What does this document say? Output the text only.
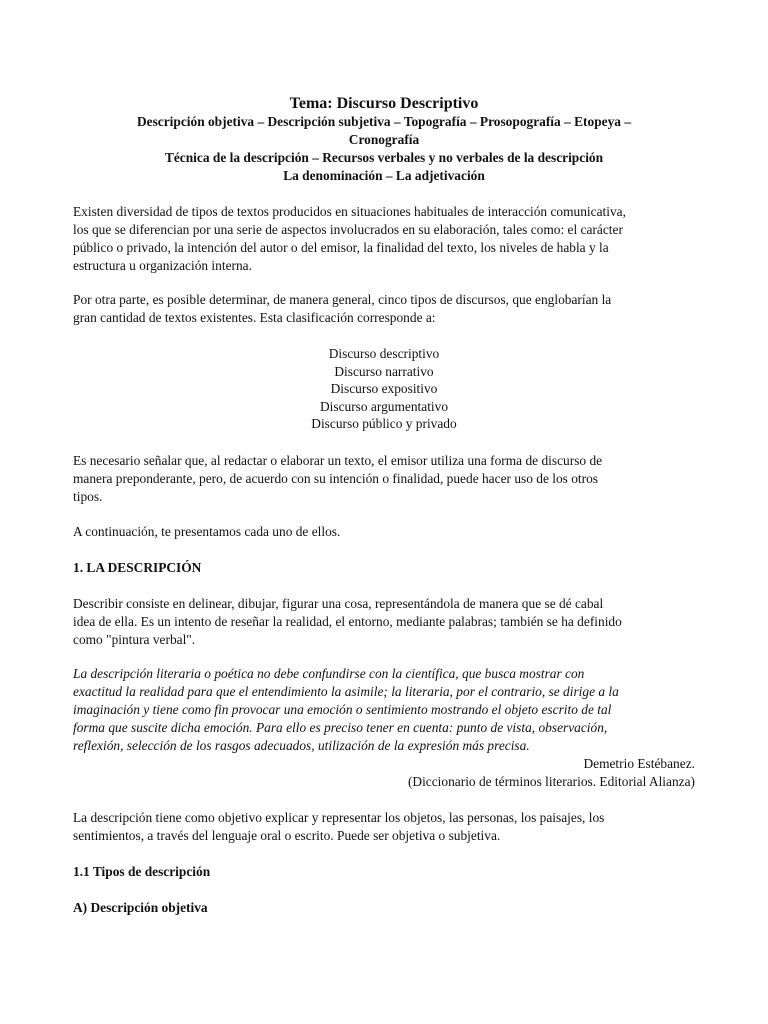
Tema: Discurso Descriptivo
Descripción objetiva – Descripción subjetiva – Topografía – Prosopografía – Etopeya –
Cronografía
Técnica de la descripción – Recursos verbales y no verbales de la descripción
La denominación – La adjetivación
Existen diversidad de tipos de textos producidos en situaciones habituales de interacción comunicativa,
los que se diferencian por una serie de aspectos involucrados en su elaboración, tales como: el carácter
público o privado, la intención del autor o del emisor, la finalidad del texto, los niveles de habla y la
estructura u organización interna.
Por otra parte, es posible determinar, de manera general, cinco tipos de discursos, que englobarían la
gran cantidad de textos existentes. Esta clasificación corresponde a:
Discurso descriptivo
Discurso narrativo
Discurso expositivo
Discurso argumentativo
Discurso público y privado
Es necesario señalar que, al redactar o elaborar un texto, el emisor utiliza una forma de discurso de
manera preponderante, pero, de acuerdo con su intención o finalidad, puede hacer uso de los otros
tipos.
A continuación, te presentamos cada uno de ellos.
1. LA DESCRIPCIÓN
Describir consiste en delinear, dibujar, figurar una cosa, representándola de manera que se dé cabal
idea de ella. Es un intento de reseñar la realidad, el entorno, mediante palabras; también se ha definido
como "pintura verbal".
La descripción literaria o poética no debe confundirse con la científica, que busca mostrar con
exactitud la realidad para que el entendimiento la asimile; la literaria, por el contrario, se dirige a la
imaginación y tiene como fin provocar una emoción o sentimiento mostrando el objeto escrito de tal
forma que suscite dicha emoción. Para ello es preciso tener en cuenta: punto de vista, observación,
reflexión, selección de los rasgos adecuados, utilización de la expresión más precisa.
Demetrio Estébanez.
(Diccionario de términos literarios. Editorial Alianza)
La descripción tiene como objetivo explicar y representar los objetos, las personas, los paisajes, los
sentimientos, a través del lenguaje oral o escrito. Puede ser objetiva o subjetiva.
1.1 Tipos de descripción
A) Descripción objetiva
